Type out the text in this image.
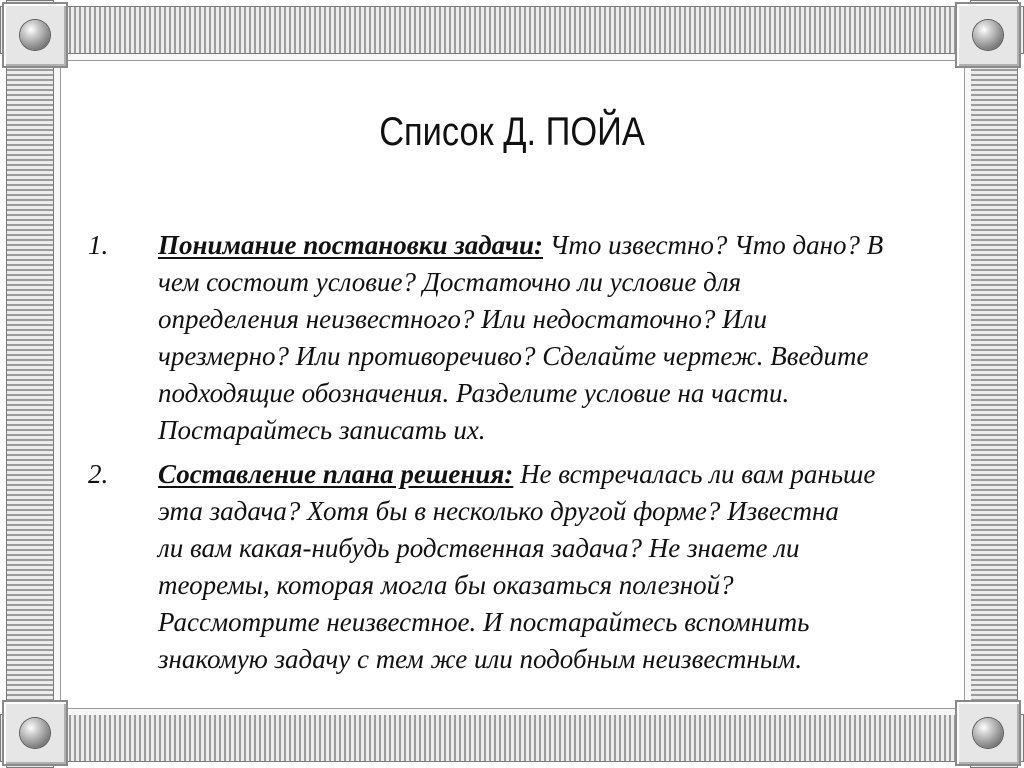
Список Д. ПОЙА
1. Понимание постановки задачи: Что известно? Что дано? В
чем состоит условие? Достаточно ли условие для
определения неизвестного? Или недостаточно? Или
чрезмерно? Или противоречиво? Сделайте чертеж. Введите
подходящие обозначения. Разделите условие на части.
Постарайтесь записать их.
2. Составление плана решения: Не встречалась ли вам раньше
эта задача? Хотя бы в несколько другой форме? Известна
ли вам какая-нибудь родственная задача? Не знаете ли
теоремы, которая могла бы оказаться полезной?
Рассмотрите неизвестное. И постарайтесь вспомнить
знакомую задачу с тем же или подобным неизвестным.
